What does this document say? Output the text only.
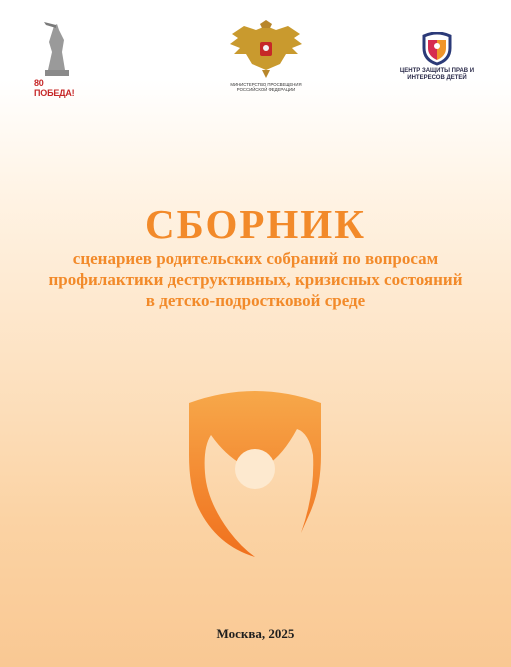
80 ПОБЕДА!
МИНИСТЕРСТВО ПРОСВЕЩЕНИЯ РОССИЙСКОЙ ФЕДЕРАЦИИ
ЦЕНТР ЗАЩИТЫ ПРАВ И ИНТЕРЕСОВ ДЕТЕЙ
СБОРНИК
сценариев родительских собраний по вопросам
профилактики деструктивных, кризисных состояний
в детско-подростковой среде
Москва, 2025
